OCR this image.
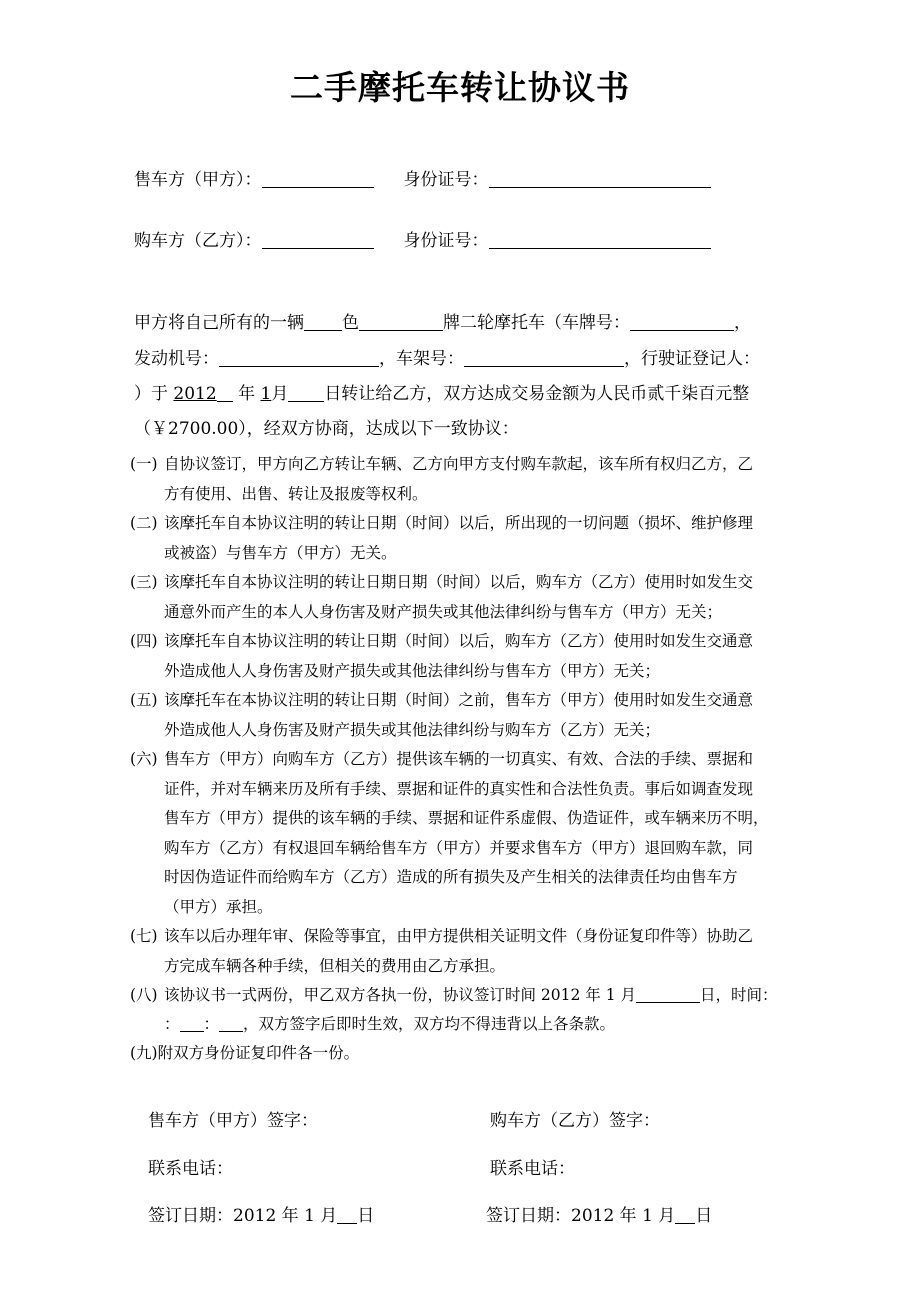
二手摩托车转让协议书
售车方（甲方）：	身份证号：
购车方（乙方）：	身份证号：
甲方将自己所有的一辆 色	牌二轮摩托车（车牌号：	，
发动机号：	，车架号：	，行驶证登记人：
）于 2012 年 1月 日转让给乙方，双方达成交易金额为人民币贰千柒百元整
（￥2700.00），经双方协商，达成以下一致协议：
(一) 自协议签订，甲方向乙方转让车辆、乙方向甲方支付购车款起，该车所有权归乙方，乙
方有使用、出售、转让及报废等权利。
(二) 该摩托车自本协议注明的转让日期（时间）以后，所出现的一切问题（损坏、维护修理
或被盗）与售车方（甲方）无关。
(三) 该摩托车自本协议注明的转让日期日期（时间）以后，购车方（乙方）使用时如发生交
通意外而产生的本人人身伤害及财产损失或其他法律纠纷与售车方（甲方）无关；
(四) 该摩托车自本协议注明的转让日期（时间）以后，购车方（乙方）使用时如发生交通意
外造成他人人身伤害及财产损失或其他法律纠纷与售车方（甲方）无关；
(五) 该摩托车在本协议注明的转让日期（时间）之前，售车方（甲方）使用时如发生交通意
外造成他人人身伤害及财产损失或其他法律纠纷与购车方（乙方）无关；
(六) 售车方（甲方）向购车方（乙方）提供该车辆的一切真实、有效、合法的手续、票据和
证件，并对车辆来历及所有手续、票据和证件的真实性和合法性负责。事后如调查发现
售车方（甲方）提供的该车辆的手续、票据和证件系虚假、伪造证件，或车辆来历不明，
购车方（乙方）有权退回车辆给售车方（甲方）并要求售车方（甲方）退回购车款，同
时因伪造证件而给购车方（乙方）造成的所有损失及产生相关的法律责任均由售车方
（甲方）承担。
(七) 该车以后办理年审、保险等事宜，由甲方提供相关证明文件（身份证复印件等）协助乙
方完成车辆各种手续，但相关的费用由乙方承担。
(八) 该协议书一式两份，甲乙双方各执一份，协议签订时间 2012 年 1 月	日，时间：
： ： ，双方签字后即时生效，双方均不得违背以上各条款。
(九)附双方身份证复印件各一份。
售车方（甲方）签字：	购车方（乙方）签字：
联系电话：	联系电话：
签订日期：2012 年 1 月 日	签订日期：2012 年 1 月 日
